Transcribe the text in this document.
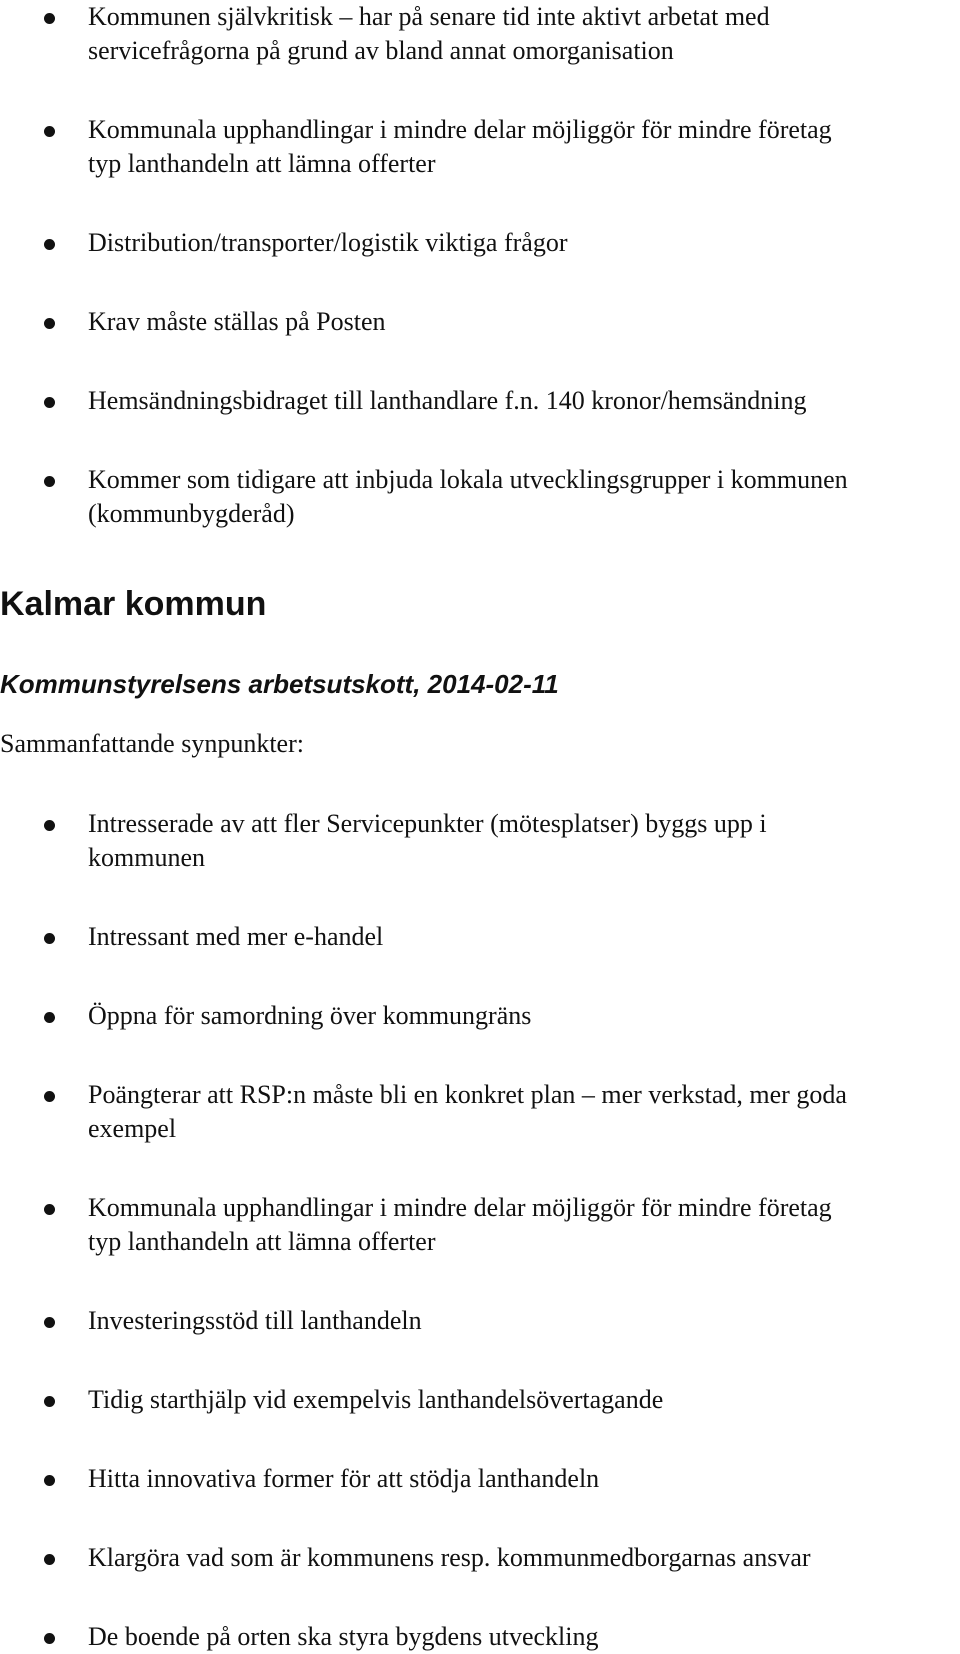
Kommunen självkritisk – har på senare tid inte aktivt arbetat med
servicefrågorna på grund av bland annat omorganisation

Kommunala upphandlingar i mindre delar möjliggör för mindre företag
typ lanthandeln att lämna offerter

Distribution/transporter/logistik viktiga frågor

Krav måste ställas på Posten

Hemsändningsbidraget till lanthandlare f.n. 140 kronor/hemsändning

Kommer som tidigare att inbjuda lokala utvecklingsgrupper i kommunen
(kommunbygderåd)

Kalmar kommun
Kommunstyrelsens arbetsutskott, 2014-02-11

Sammanfattande synpunkter:

Intresserade av att fler Servicepunkter (mötesplatser) byggs upp i
kommunen

Intressant med mer e-handel

Öppna för samordning över kommungräns

Poängterar att RSP:n måste bli en konkret plan – mer verkstad, mer goda
exempel

Kommunala upphandlingar i mindre delar möjliggör för mindre företag
typ lanthandeln att lämna offerter

Investeringsstöd till lanthandeln

Tidig starthjälp vid exempelvis lanthandelsövertagande

Hitta innovativa former för att stödja lanthandeln

Klargöra vad som är kommunens resp. kommunmedborgarnas ansvar

De boende på orten ska styra bygdens utveckling
